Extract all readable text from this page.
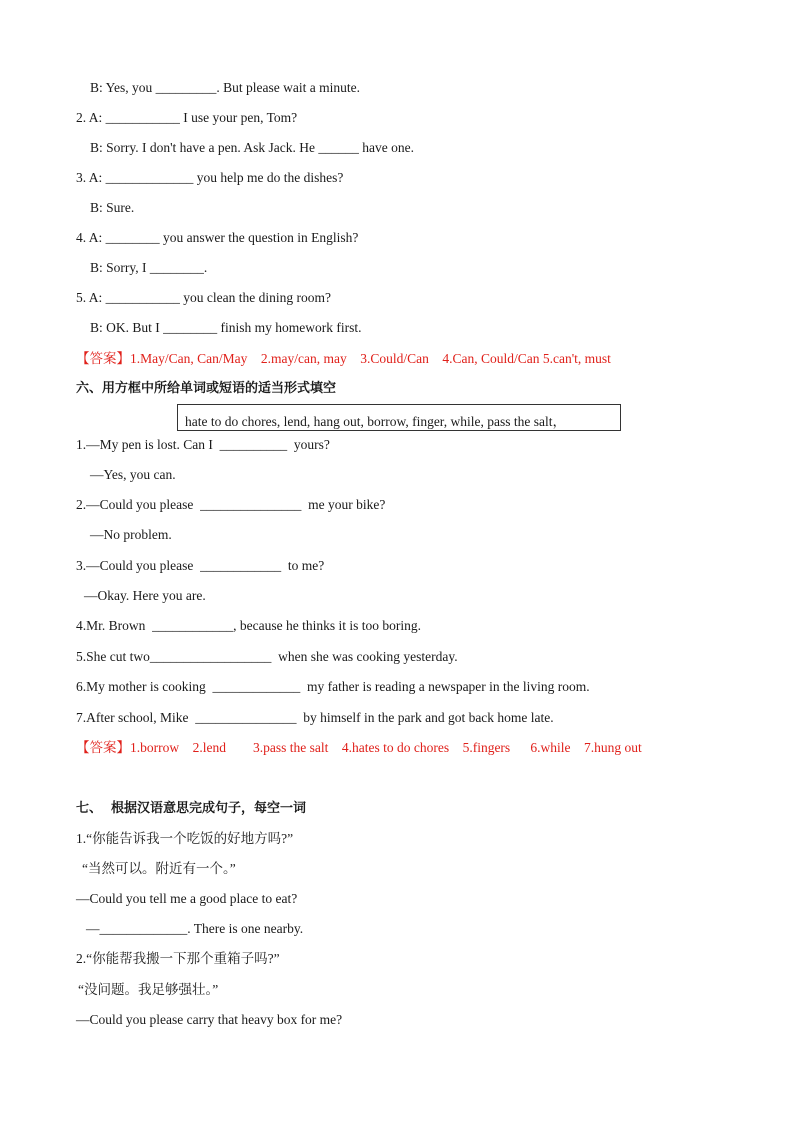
B: Yes, you _________. But please wait a minute.
2. A: ___________ I use your pen, Tom?
B: Sorry. I don't have a pen. Ask Jack. He ______ have one.
3. A: _____________ you help me do the dishes?
B: Sure.
4. A: ________ you answer the question in English?
B: Sorry, I ________.
5. A: ___________ you clean the dining room?
B: OK. But I ________ finish my homework first.
【答案】1.May/Can, Can/May    2.may/can, may    3.Could/Can    4.Can, Could/Can 5.can't, must
六、用方框中所给单词或短语的适当形式填空
hate to do chores, lend, hang out, borrow, finger, while, pass the salt，
1.—My pen is lost. Can I  __________  yours?
—Yes, you can.
2.—Could you please  _______________  me your bike?
—No problem.
3.—Could you please  ____________  to me?
—Okay. Here you are.
4.Mr. Brown  ____________, because he thinks it is too boring.
5.She cut two__________________  when she was cooking yesterday.
6.My mother is cooking  _____________  my father is reading a newspaper in the living room.
7.After school, Mike  _______________  by himself in the park and got back home late.
【答案】1.borrow    2.lend        3.pass the salt    4.hates to do chores    5.fingers      6.while    7.hung out
七、  根据汉语意思完成句子，每空一词
1.“你能告诉我一个吃饭的好地方吗?”
“当然可以。附近有一个。”
—Could you tell me a good place to eat?
—_____________. There is one nearby.
2.“你能帮我搬一下那个重箱子吗?”
“没问题。我足够强壮。”
—Could you please carry that heavy box for me?
